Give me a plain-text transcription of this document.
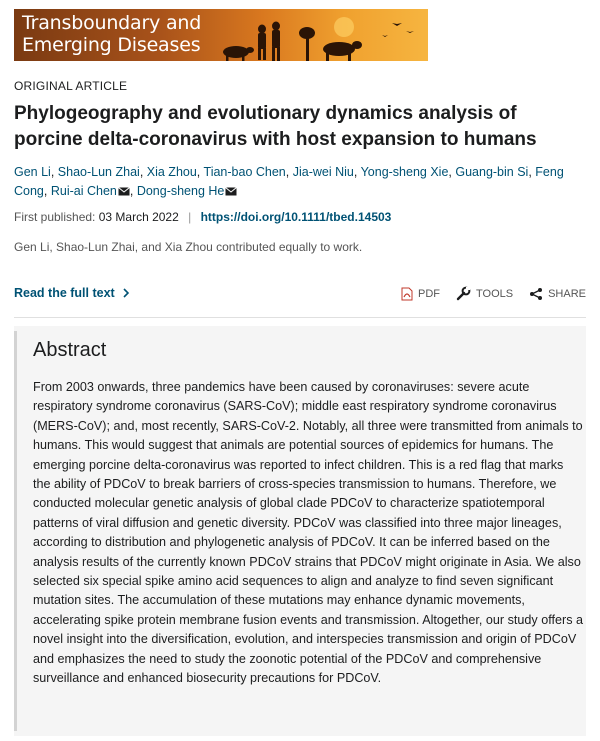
Transboundary and
Emerging Diseases
ORIGINAL ARTICLE
Phylogeography and evolutionary dynamics analysis of porcine delta-coronavirus with host expansion to humans
Gen Li, Shao-Lun Zhai, Xia Zhou, Tian-bao Chen, Jia-wei Niu, Yong-sheng Xie, Guang-bin Si, Feng Cong, Rui-ai Chen , Dong-sheng He
First published: 03 March 2022 | https://doi.org/10.1111/tbed.14503
Gen Li, Shao-Lun Zhai, and Xia Zhou contributed equally to work.
Read the full text	PDF	TOOLS	SHARE
Abstract
From 2003 onwards, three pandemics have been caused by coronaviruses: severe acute respiratory syndrome coronavirus (SARS-CoV); middle east respiratory syndrome coronavirus (MERS-CoV); and, most recently, SARS-CoV-2. Notably, all three were transmitted from animals to humans. This would suggest that animals are potential sources of epidemics for humans. The emerging porcine delta-coronavirus was reported to infect children. This is a red flag that marks the ability of PDCoV to break barriers of cross-species transmission to humans. Therefore, we conducted molecular genetic analysis of global clade PDCoV to characterize spatiotemporal patterns of viral diffusion and genetic diversity. PDCoV was classified into three major lineages, according to distribution and phylogenetic analysis of PDCoV. It can be inferred based on the analysis results of the currently known PDCoV strains that PDCoV might originate in Asia. We also selected six special spike amino acid sequences to align and analyze to find seven significant mutation sites. The accumulation of these mutations may enhance dynamic movements, accelerating spike protein membrane fusion events and transmission. Altogether, our study offers a novel insight into the diversification, evolution, and interspecies transmission and origin of PDCoV and emphasizes the need to study the zoonotic potential of the PDCoV and comprehensive surveillance and enhanced biosecurity precautions for PDCoV.
